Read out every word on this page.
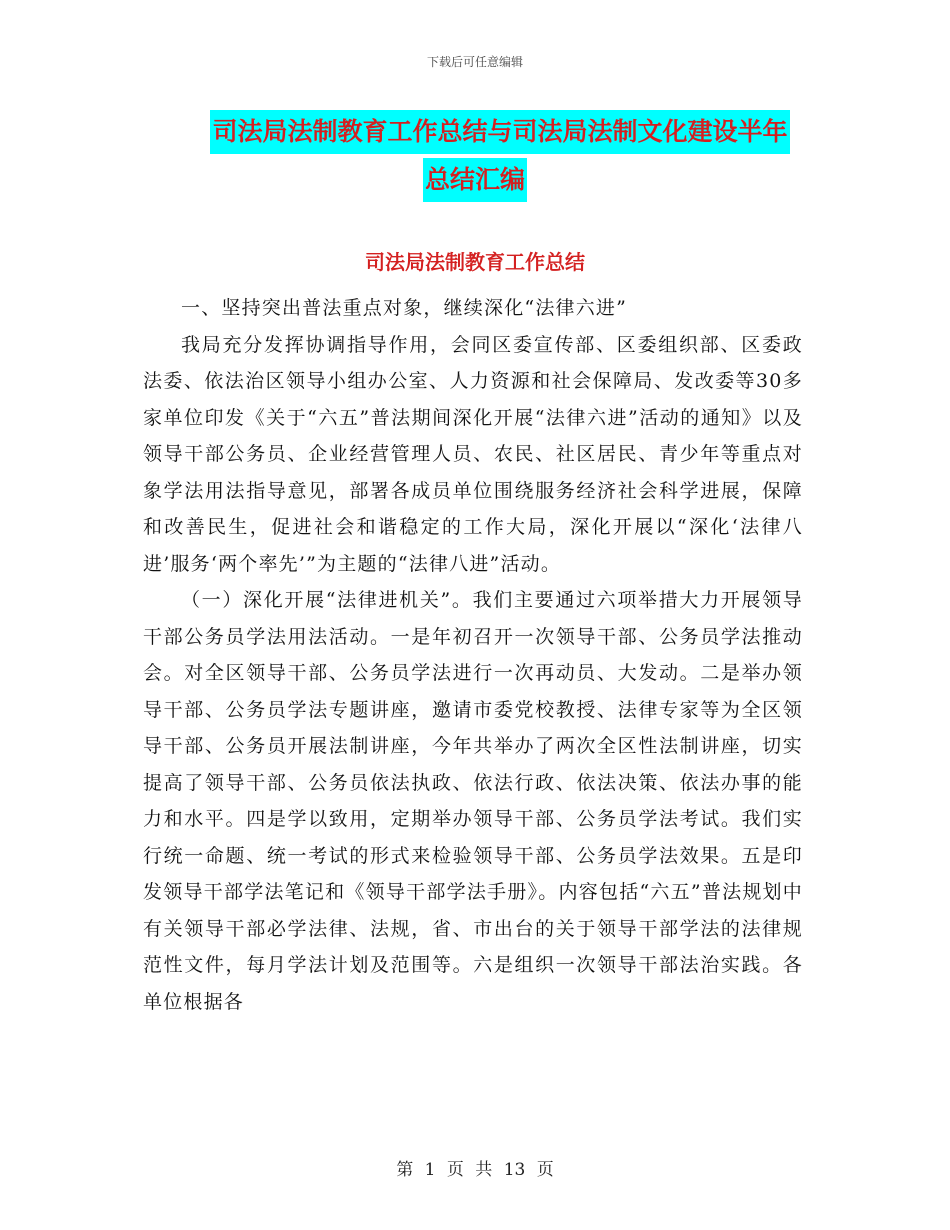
下载后可任意编辑
司法局法制教育工作总结与司法局法制文化建设半年
总结汇编
司法局法制教育工作总结

一、坚持突出普法重点对象，继续深化“法律六进”

我局充分发挥协调指导作用，会同区委宣传部、区委组织部、区委政法委、依法治区领导小组办公室、人力资源和社会保障局、发改委等30多家单位印发《关于“六五”普法期间深化开展“法律六进”活动的通知》以及领导干部公务员、企业经营管理人员、农民、社区居民、青少年等重点对象学法用法指导意见，部署各成员单位围绕服务经济社会科学进展，保障和改善民生，促进社会和谐稳定的工作大局，深化开展以“深化‘法律八进’服务‘两个率先’”为主题的“法律八进”活动。

（一）深化开展“法律进机关”。我们主要通过六项举措大力开展领导干部公务员学法用法活动。一是年初召开一次领导干部、公务员学法推动会。对全区领导干部、公务员学法进行一次再动员、大发动。二是举办领导干部、公务员学法专题讲座，邀请市委党校教授、法律专家等为全区领导干部、公务员开展法制讲座，今年共举办了两次全区性法制讲座，切实提高了领导干部、公务员依法执政、依法行政、依法决策、依法办事的能力和水平。四是学以致用，定期举办领导干部、公务员学法考试。我们实行统一命题、统一考试的形式来检验领导干部、公务员学法效果。五是印发领导干部学法笔记和《领导干部学法手册》。内容包括“六五”普法规划中有关领导干部必学法律、法规，省、市出台的关于领导干部学法的法律规范性文件，每月学法计划及范围等。六是组织一次领导干部法治实践。各单位根据各

第 1 页 共 13 页
